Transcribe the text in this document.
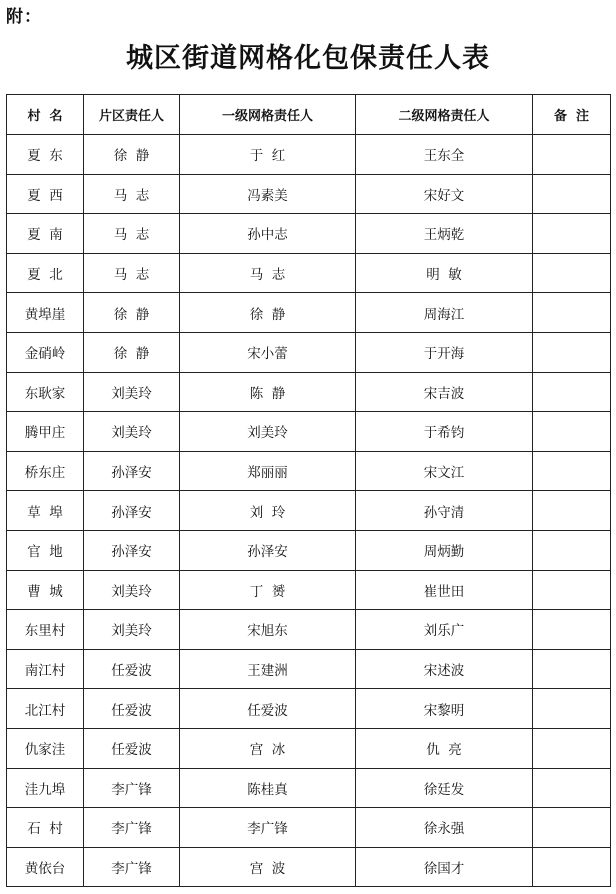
附：
城区街道网格化包保责任人表
村  名	片区责任人	一级网格责任人	二级网格责任人	备  注
夏  东	徐  静	于  红	王东全	
夏  西	马  志	冯素美	宋好文	
夏  南	马  志	孙中志	王炳乾	
夏  北	马  志	马  志	明  敏	
黄埠崖	徐  静	徐  静	周海江	
金硝岭	徐  静	宋小蕾	于开海	
东耿家	刘美玲	陈  静	宋吉波	
腾甲庄	刘美玲	刘美玲	于希钧	
桥东庄	孙泽安	郑丽丽	宋文江	
草  埠	孙泽安	刘  玲	孙守清	
官  地	孙泽安	孙泽安	周炳勤	
曹  城	刘美玲	丁  赟	崔世田	
东里村	刘美玲	宋旭东	刘乐广	
南江村	任爱波	王建洲	宋述波	
北江村	任爱波	任爱波	宋黎明	
仇家洼	任爱波	宫  冰	仇  亮	
洼九埠	李广锋	陈桂真	徐廷发	
石  村	李广锋	李广锋	徐永强	
黄依台	李广锋	宫  波	徐国才	
